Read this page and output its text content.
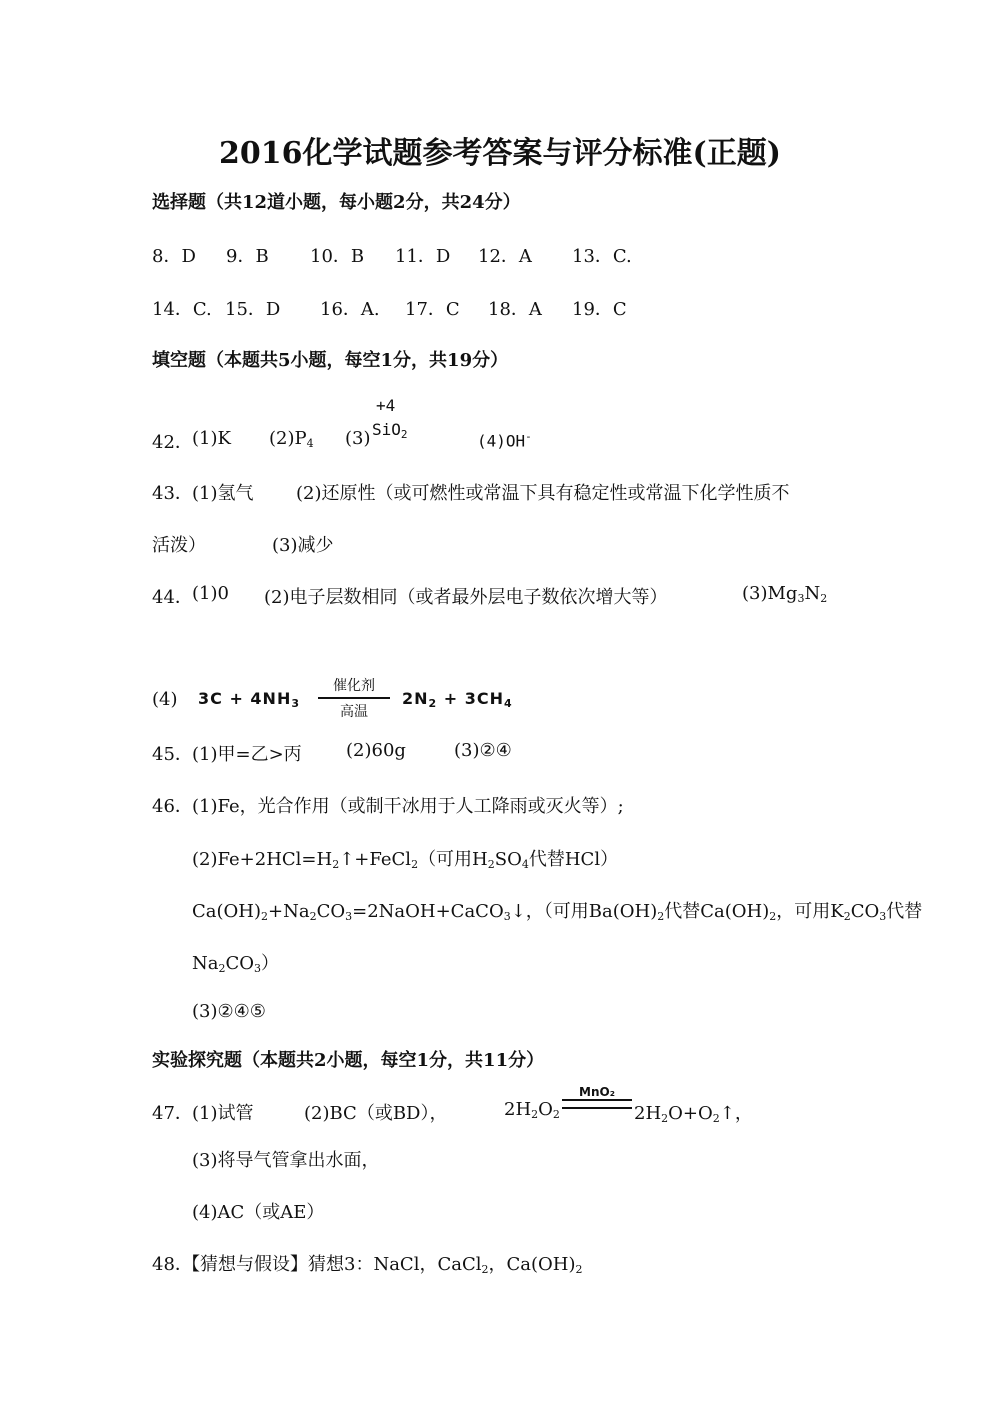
2016化学试题参考答案与评分标准(正题)
选择题（共12道小题，每小题2分，共24分）
8．D 9．B 10．B 11．D 12．A 13．C.
14．C. 15．D 16．A. 17．C 18．A 19．C
填空题（本题共5小题，每空1分，共19分）
42． (1)K $(2)P_4$ (3)
+4
SiO$_2$	(4)OH-
43． (1)氢气 (2)还原性（或可燃性或常温下具有稳定性或常温下化学性质不
活泼）	(3)减少
44． (1)0 (2)电子层数相同（或者最外层电子数依次增大等）	$(3)Mg_3N_2$
(4) $3C + 4NH_3$
催化剂
高温
$2N_2 + 3CH_4$
45． (1)甲=乙>丙 (2)60g	(3)②④
46． (1)Fe，光合作用（或制干冰用于人工降雨或灭火等）;
$(2)Fe+2HCl=H_2↑+FeCl_2$（可用$H_2SO_4$代替HCl）
$Ca(OH)_2+Na_2CO_3=2NaOH+CaCO_3↓$，（可用$Ba(OH)_2$代替$Ca(OH)_2$，可用$K_2CO_3$代替
$Na_2CO_3$）
(3)②④⑤
实验探究题（本题共2小题，每空1分，共11分）
47． (1)试管	(2)BC（或BD），	$2H_2O_2$
MnO₂
$2H_2O+O_2↑$，
(3)将导气管拿出水面，
(4)AC（或AE）
48．
【猜想与假设】猜想3：NaCl，CaCl$_2$，$Ca(OH)_2$
